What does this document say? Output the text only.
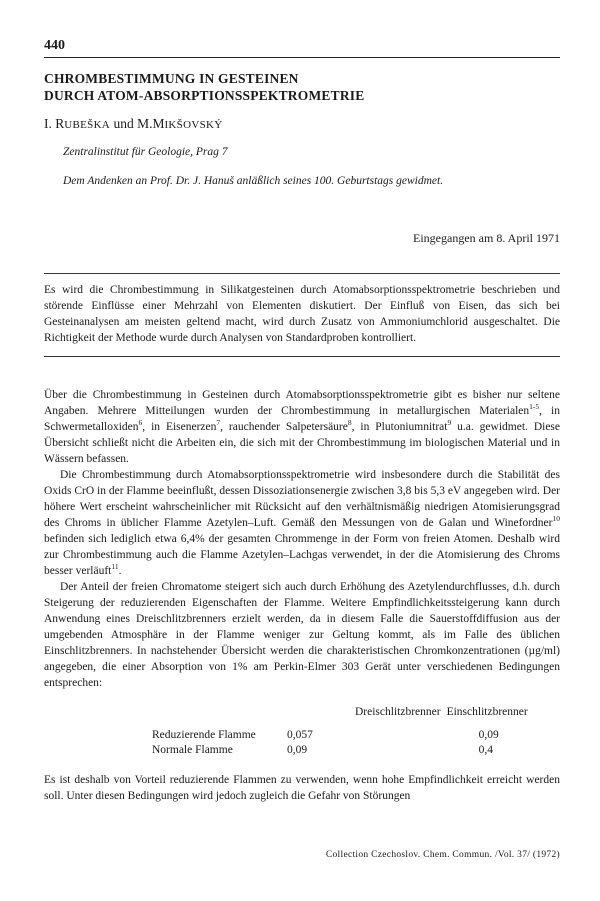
440

CHROMBESTIMMUNG IN GESTEINEN
DURCH ATOM-ABSORPTIONSSPEKTROMETRIE

I. RUBEŠKA und M.MIKŠOVSKÝ

Zentralinstitut für Geologie, Prag 7

Dem Andenken an Prof. Dr. J. Hanuš anläßlich seines 100. Geburtstags gewidmet.

Eingegangen am 8. April 1971

Es wird die Chrombestimmung in Silikatgesteinen durch Atomabsorptionsspektrometrie beschrieben und störende Einflüsse einer Mehrzahl von Elementen diskutiert. Der Einfluß von Eisen, das sich bei Gesteinanalysen am meisten geltend macht, wird durch Zusatz von Ammoniumchlorid ausgeschaltet. Die Richtigkeit der Methode wurde durch Analysen von Standardproben kontrolliert.

Über die Chrombestimmung in Gesteinen durch Atomabsorptionsspektrometrie gibt es bisher nur seltene Angaben. Mehrere Mitteilungen wurden der Chrombestimmung in metallurgischen Materialen$^{1-5}$, in Schwermetalloxiden$^6$, in Eisenerzen$^7$, rauchender Salpetersäure$^8$, in Plutoniumnitrat$^9$ u.a. gewidmet. Diese Übersicht schließt nicht die Arbeiten ein, die sich mit der Chrombestimmung im biologischen Material und in Wässern befassen.

Die Chrombestimmung durch Atomabsorptionsspektrometrie wird insbesondere durch die Stabilität des Oxids CrO in der Flamme beeinflußt, dessen Dissoziationsenergie zwischen 3,8 bis 5,3 eV angegeben wird. Der höhere Wert erscheint wahrscheinlicher mit Rücksicht auf den verhältnismäßig niedrigen Atomisierungsgrad des Chroms in üblicher Flamme Azetylen–Luft. Gemäß den Messungen von de Galan und Winefordner$^{10}$ befinden sich lediglich etwa 6,4% der gesamten Chrommenge in der Form von freien Atomen. Deshalb wird zur Chrombestimmung auch die Flamme Azetylen–Lachgas verwendet, in der die Atomisierung des Chroms besser verläuft$^{11}$.

Der Anteil der freien Chromatome steigert sich auch durch Erhöhung des Azetylendurchflusses, d.h. durch Steigerung der reduzierenden Eigenschaften der Flamme. Weitere Empfindlichkeitssteigerung kann durch Anwendung eines Dreischlitzbrenners erzielt werden, da in diesem Falle die Sauerstoffdiffusion aus der umgebenden Atmosphäre in der Flamme weniger zur Geltung kommt, als im Falle des üblichen Einschlitzbrenners. In nachstehender Übersicht werden die charakteristischen Chromkonzentrationen (µg/ml) angegeben, die einer Absorption von 1% am Perkin-Elmer 303 Gerät unter verschiedenen Bedingungen entsprechen:

	Dreischlitzbrenner	Einschlitzbrenner
Reduzierende Flamme	0,057	0,09
Normale Flamme	0,09	0,4

Es ist deshalb von Vorteil reduzierende Flammen zu verwenden, wenn hohe Empfindlichkeit erreicht werden soll. Unter diesen Bedingungen wird jedoch zugleich die Gefahr von Störungen

Collection Czechoslov. Chem. Commun. /Vol. 37/ (1972)
